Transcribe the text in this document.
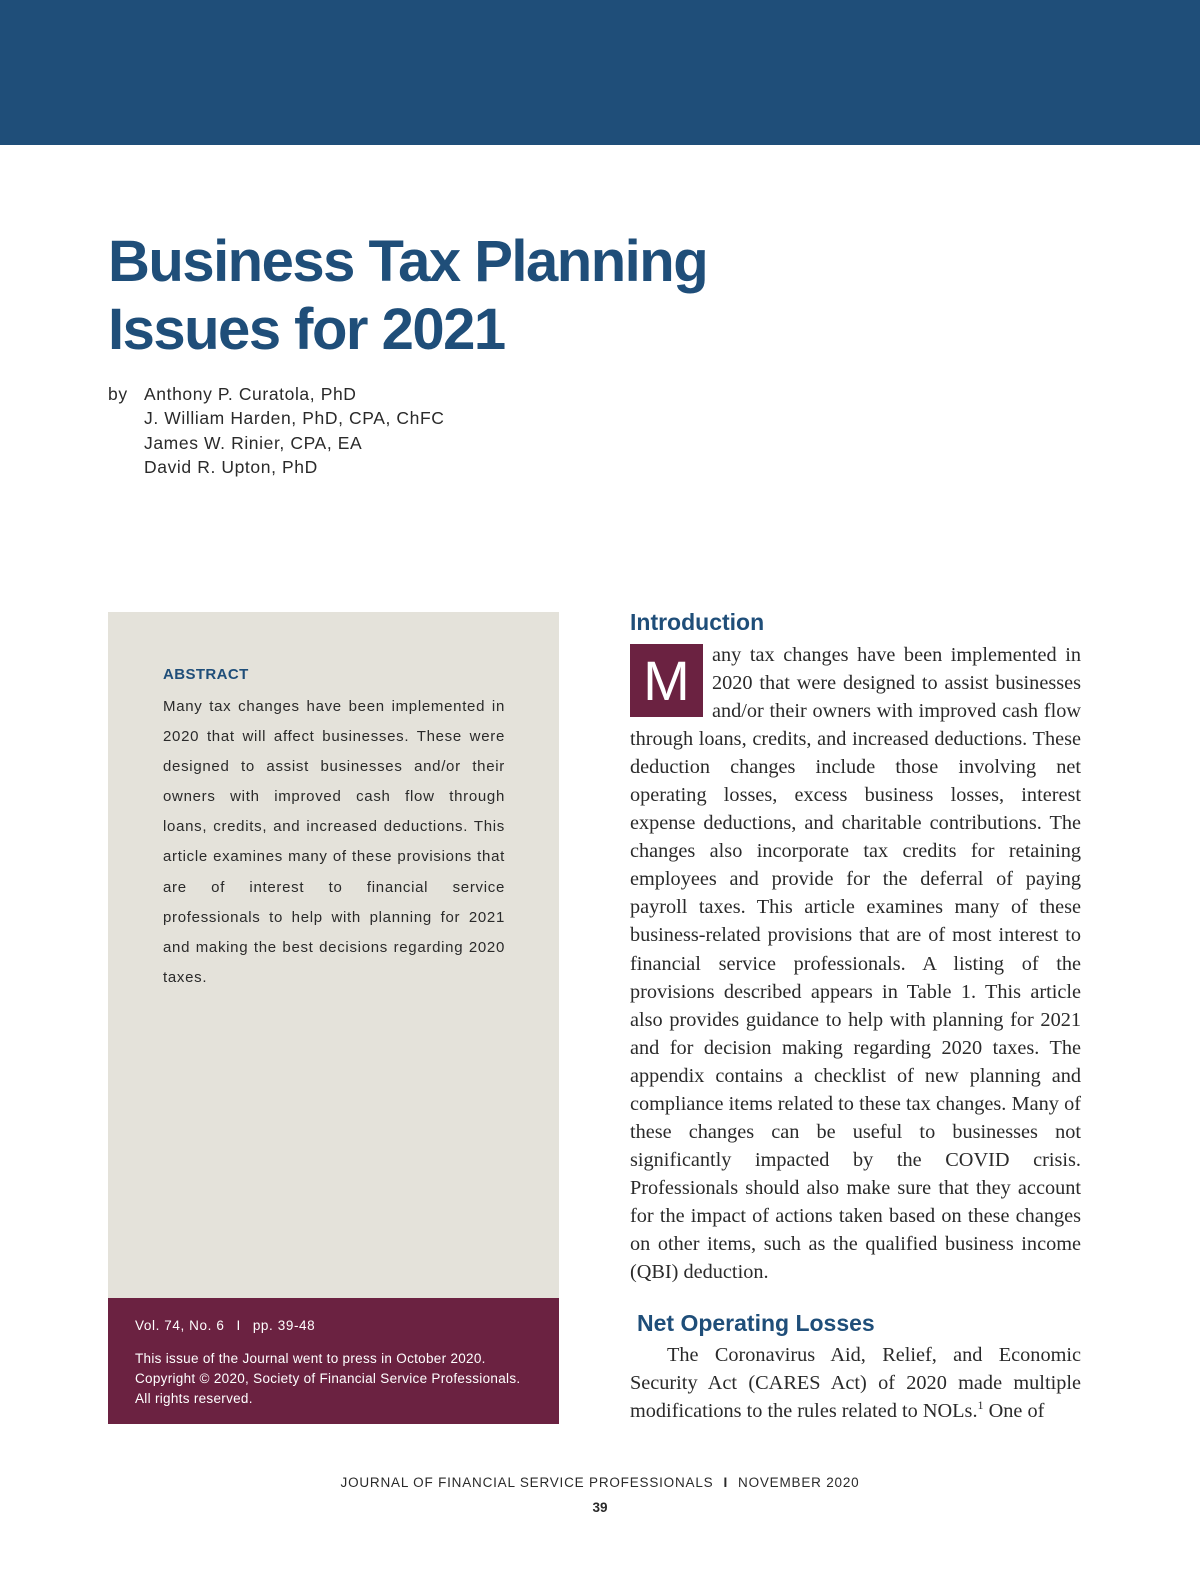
Business Tax Planning
Issues for 2021
by Anthony P. Curatola, PhD
J. William Harden, PhD, CPA, ChFC
James W. Rinier, CPA, EA
David R. Upton, PhD
ABSTRACT

Many tax changes have been implemented in 2020 that will affect businesses. These were designed to assist businesses and/or their owners with improved cash flow through loans, credits, and increased deductions. This article examines many of these provisions that are of interest to financial service professionals to help with planning for 2021 and making the best decisions regarding 2020 taxes.

Vol. 74, No. 6 I pp. 39-48

This issue of the Journal went to press in October 2020.
Copyright © 2020, Society of Financial Service Professionals.
All rights reserved.

Introduction

M	any tax changes have been implemented in 2020 that were designed to assist businesses and/or their owners with improved cash flow through loans, credits, and increased deductions. These deduction changes include those involving net operating losses, excess business losses, interest expense deductions, and charitable contributions. The changes also incorporate tax credits for retaining employees and provide for the deferral of paying payroll taxes. This article examines many of these business-related provisions that are of most interest to financial service professionals. A listing of the provisions described appears in Table 1. This article also provides guidance to help with planning for 2021 and for decision making regarding 2020 taxes. The appendix contains a checklist of new planning and compliance items related to these tax changes. Many of these changes can be useful to businesses not significantly impacted by the COVID crisis. Professionals should also make sure that they account for the impact of actions taken based on these changes on other items, such as the qualified business income (QBI) deduction.

Net Operating Losses

The Coronavirus Aid, Relief, and Economic Security Act (CARES Act) of 2020 made multiple modifications to the rules related to NOLs.$^1$ One of

JOURNAL OF FINANCIAL SERVICE PROFESSIONALS I NOVEMBER 2020
39
